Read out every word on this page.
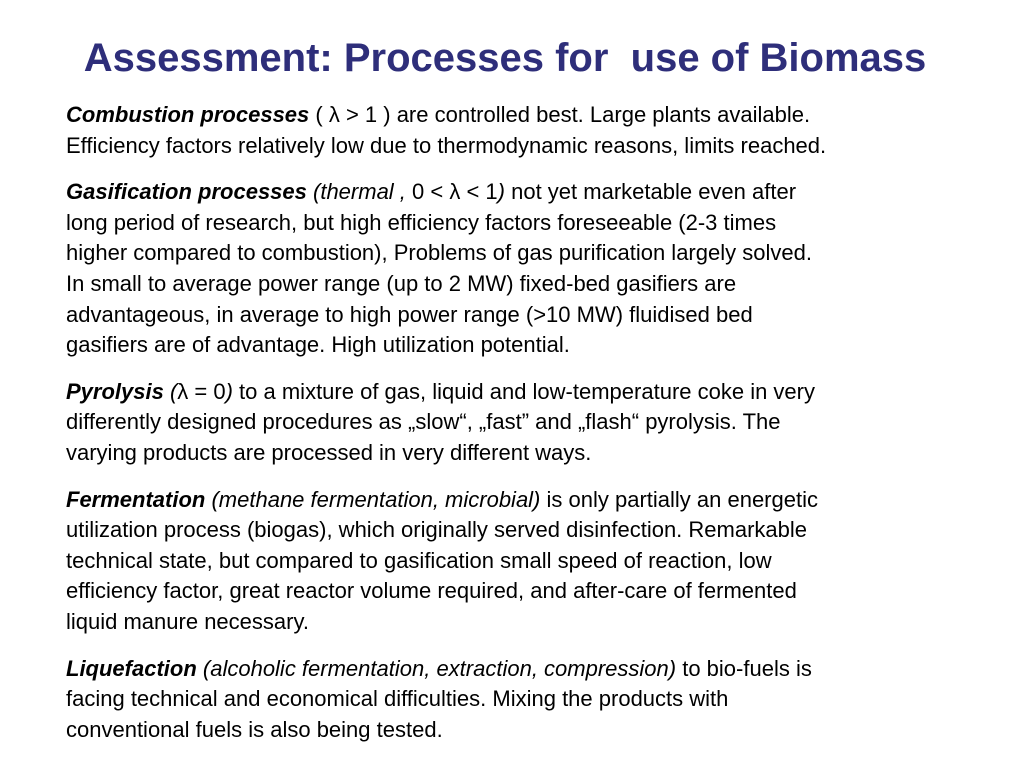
Assessment: Processes for  use of Biomass

Combustion processes ( λ > 1 ) are controlled best. Large plants available.
Efficiency factors relatively low due to thermodynamic reasons, limits reached.

Gasification processes (thermal , 0 < λ < 1) not yet marketable even after
long period of research, but high efficiency factors foreseeable (2-3 times
higher compared to combustion), Problems of gas purification largely solved.
In small to average power range (up to 2 MW) fixed-bed gasifiers are
advantageous, in average to high power range (>10 MW) fluidised bed
gasifiers are of advantage. High utilization potential.

Pyrolysis (λ = 0) to a mixture of gas, liquid and low-temperature coke in very
differently designed procedures as „slow“, „fast” and „flash“ pyrolysis. The
varying products are processed in very different ways.

Fermentation (methane fermentation, microbial) is only partially an energetic
utilization process (biogas), which originally served disinfection. Remarkable
technical state, but compared to gasification small speed of reaction, low
efficiency factor, great reactor volume required, and after-care of fermented
liquid manure necessary.

Liquefaction (alcoholic fermentation, extraction, compression) to bio-fuels is
facing technical and economical difficulties. Mixing the products with
conventional fuels is also being tested.
